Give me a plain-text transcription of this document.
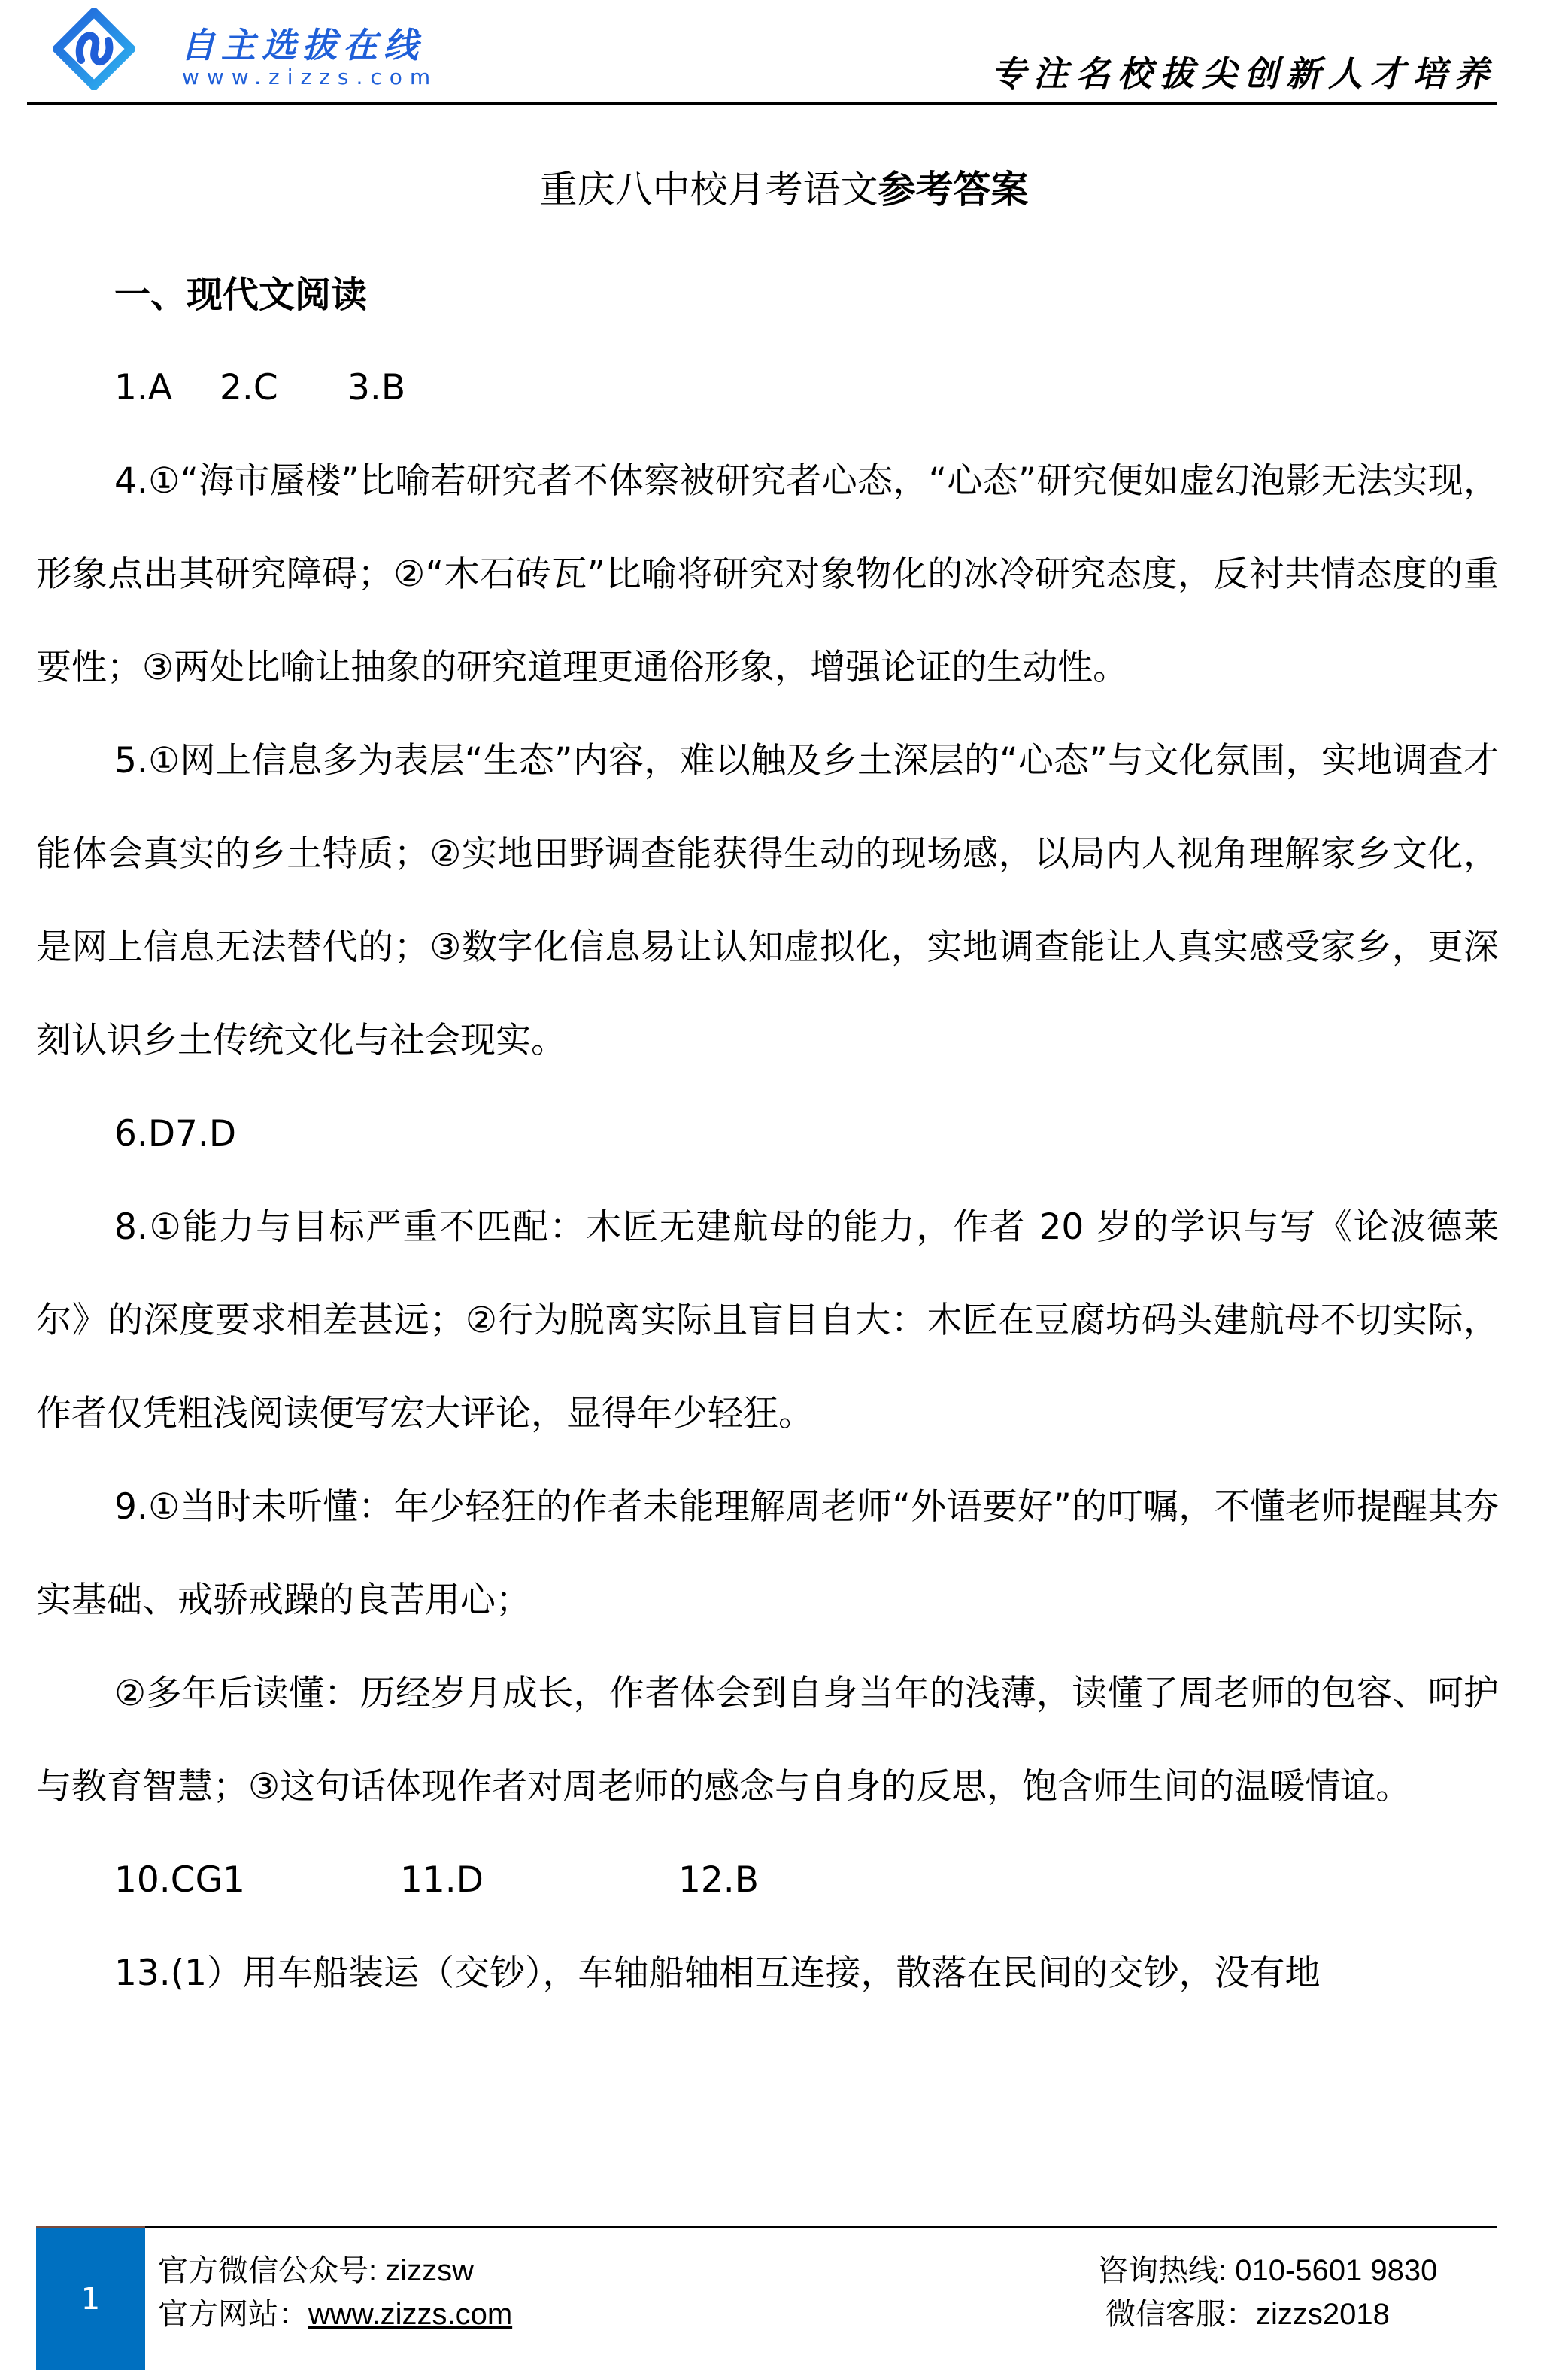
自主选拔在线
www.zizzs.com	专注名校拔尖创新人才培养
重庆八中校月考语文参考答案
一、现代文阅读
1.A	2.C	3.B

4.①“海市蜃楼”比喻若研究者不体察被研究者心态，“心态”研究便如虚幻泡影无法实现，形象点出其研究障碍；②“木石砖瓦”比喻将研究对象物化的冰冷研究态度，反衬共情态度的重要性；③两处比喻让抽象的研究道理更通俗形象，增强论证的生动性。

5.①网上信息多为表层“生态”内容，难以触及乡土深层的“心态”与文化氛围，实地调查才能体会真实的乡土特质；②实地田野调查能获得生动的现场感，以局内人视角理解家乡文化，是网上信息无法替代的；③数字化信息易让认知虚拟化，实地调查能让人真实感受家乡，更深刻认识乡土传统文化与社会现实。

6.D7.D

8.①能力与目标严重不匹配：木匠无建航母的能力，作者 20 岁的学识与写《论波德莱尔》的深度要求相差甚远；②行为脱离实际且盲目自大：木匠在豆腐坊码头建航母不切实际，作者仅凭粗浅阅读便写宏大评论，显得年少轻狂。

9.①当时未听懂：年少轻狂的作者未能理解周老师“外语要好”的叮嘱，不懂老师提醒其夯实基础、戒骄戒躁的良苦用心；

②多年后读懂：历经岁月成长，作者体会到自身当年的浅薄，读懂了周老师的包容、呵护与教育智慧；③这句话体现作者对周老师的感念与自身的反思，饱含师生间的温暖情谊。

10.CG1	11.D	12.B

13.(1）用车船装运（交钞），车轴船轴相互连接，散落在民间的交钞，没有地

1
官方微信公众号: zizzsw
官方网站：www.zizzs.com
咨询热线: 010-5601 9830
微信客服：zizzs2018
